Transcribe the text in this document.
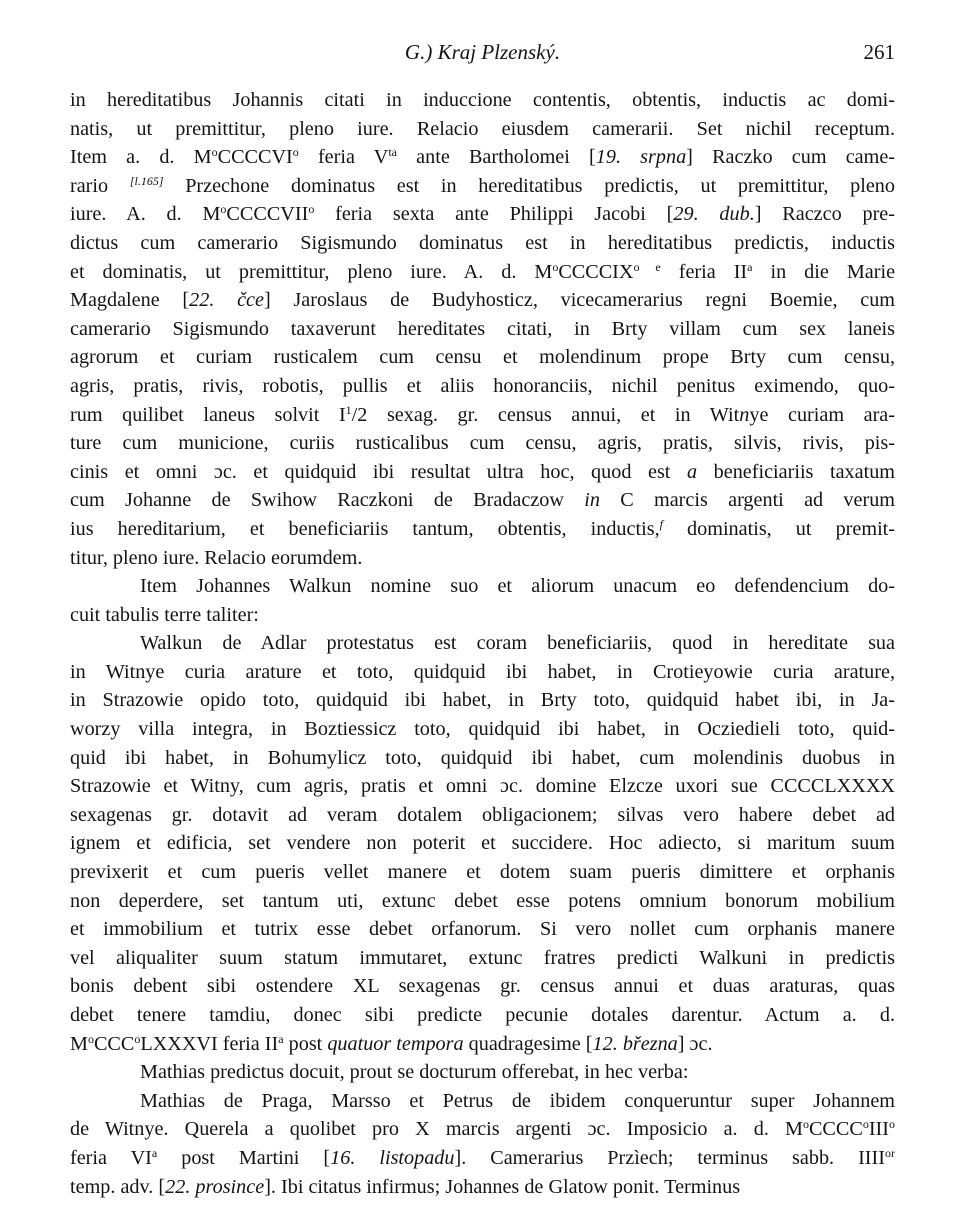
G.) Kraj Plzenský.	261
in hereditatibus Johannis citati in induccione contentis, obtentis, inductis ac domi-
natis, ut premittitur, pleno iure. Relacio eiusdem camerarii. Set nichil receptum.
Item a. d. $M^oCCCCVI^o$ feria $V^{ta}$ ante Bartholomei [19. srpna] Raczko cum came-
rario [l.165] Przechone dominatus est in hereditatibus predictis, ut premittitur, pleno
iure. A. d. $M^oCCCCVII^o$ feria sexta ante Philippi Jacobi [29. dub.] Raczco pre-
dictus cum camerario Sigismundo dominatus est in hereditatibus predictis, inductis
et dominatis, ut premittitur, pleno iure. A. d. $M^oCCCCIX^{o e}$ feria $II^a$ in die Marie
Magdalene [22. čce] Jaroslaus de Budyhosticz, vicecamerarius regni Boemie, cum
camerario Sigismundo taxaverunt hereditates citati, in Brty villam cum sex laneis
agrorum et curiam rusticalem cum censu et molendinum prope Brty cum censu,
agris, pratis, rivis, robotis, pullis et aliis honoranciis, nichil penitus eximendo, quo-
rum quilibet laneus solvit $I^1/2$ sexag. gr. census annui, et in Witnye curiam ara-
ture cum municione, curiis rusticalibus cum censu, agris, pratis, silvis, rivis, pis-
cinis et omni ɔc. et quidquid ibi resultat ultra hoc, quod est a beneficiariis taxatum
cum Johanne de Swihow Raczkoni de Bradaczow in C marcis argenti ad verum
ius hereditarium, et beneficiariis tantum, obtentis, inductis,$^f$ dominatis, ut premit-
titur, pleno iure. Relacio eorumdem.
Item Johannes Walkun nomine suo et aliorum unacum eo defendencium do-
cuit tabulis terre taliter:
Walkun de Adlar protestatus est coram beneficiariis, quod in hereditate sua
in Witnye curia arature et toto, quidquid ibi habet, in Crotieyowie curia arature,
in Strazowie opido toto, quidquid ibi habet, in Brty toto, quidquid habet ibi, in Ja-
worzy villa integra, in Boztiessicz toto, quidquid ibi habet, in Ocziedieli toto, quid-
quid ibi habet, in Bohumylicz toto, quidquid ibi habet, cum molendinis duobus in
Strazowie et Witny, cum agris, pratis et omni ɔc. domine Elzcze uxori sue CCCCLXXXX
sexagenas gr. dotavit ad veram dotalem obligacionem; silvas vero habere debet ad
ignem et edificia, set vendere non poterit et succidere. Hoc adiecto, si maritum suum
previxerit et cum pueris vellet manere et dotem suam pueris dimittere et orphanis
non deperdere, set tantum uti, extunc debet esse potens omnium bonorum mobilium
et immobilium et tutrix esse debet orfanorum. Si vero nollet cum orphanis manere
vel aliqualiter suum statum immutaret, extunc fratres predicti Walkuni in predictis
bonis debent sibi ostendere XL sexagenas gr. census annui et duas araturas, quas
debet tenere tamdiu, donec sibi predicte pecunie dotales darentur. Actum a. d.
$M^oCCC^oLXXXVI$ feria $II^a$ post quatuor tempora quadragesime [12. března] ɔc.
Mathias predictus docuit, prout se docturum offerebat, in hec verba:
Mathias de Praga, Marsso et Petrus de ibidem conqueruntur super Johannem
de Witnye. Querela a quolibet pro X marcis argenti ɔc. Imposicio a. d. $M^oCCCC^oIII^o$
feria $VI^a$ post Martini [16. listopadu]. Camerarius Przìech; terminus sabb. $IIII^{or}$
temp. adv. [22. prosince]. Ibi citatus infirmus; Johannes de Glatow ponit. Terminus
